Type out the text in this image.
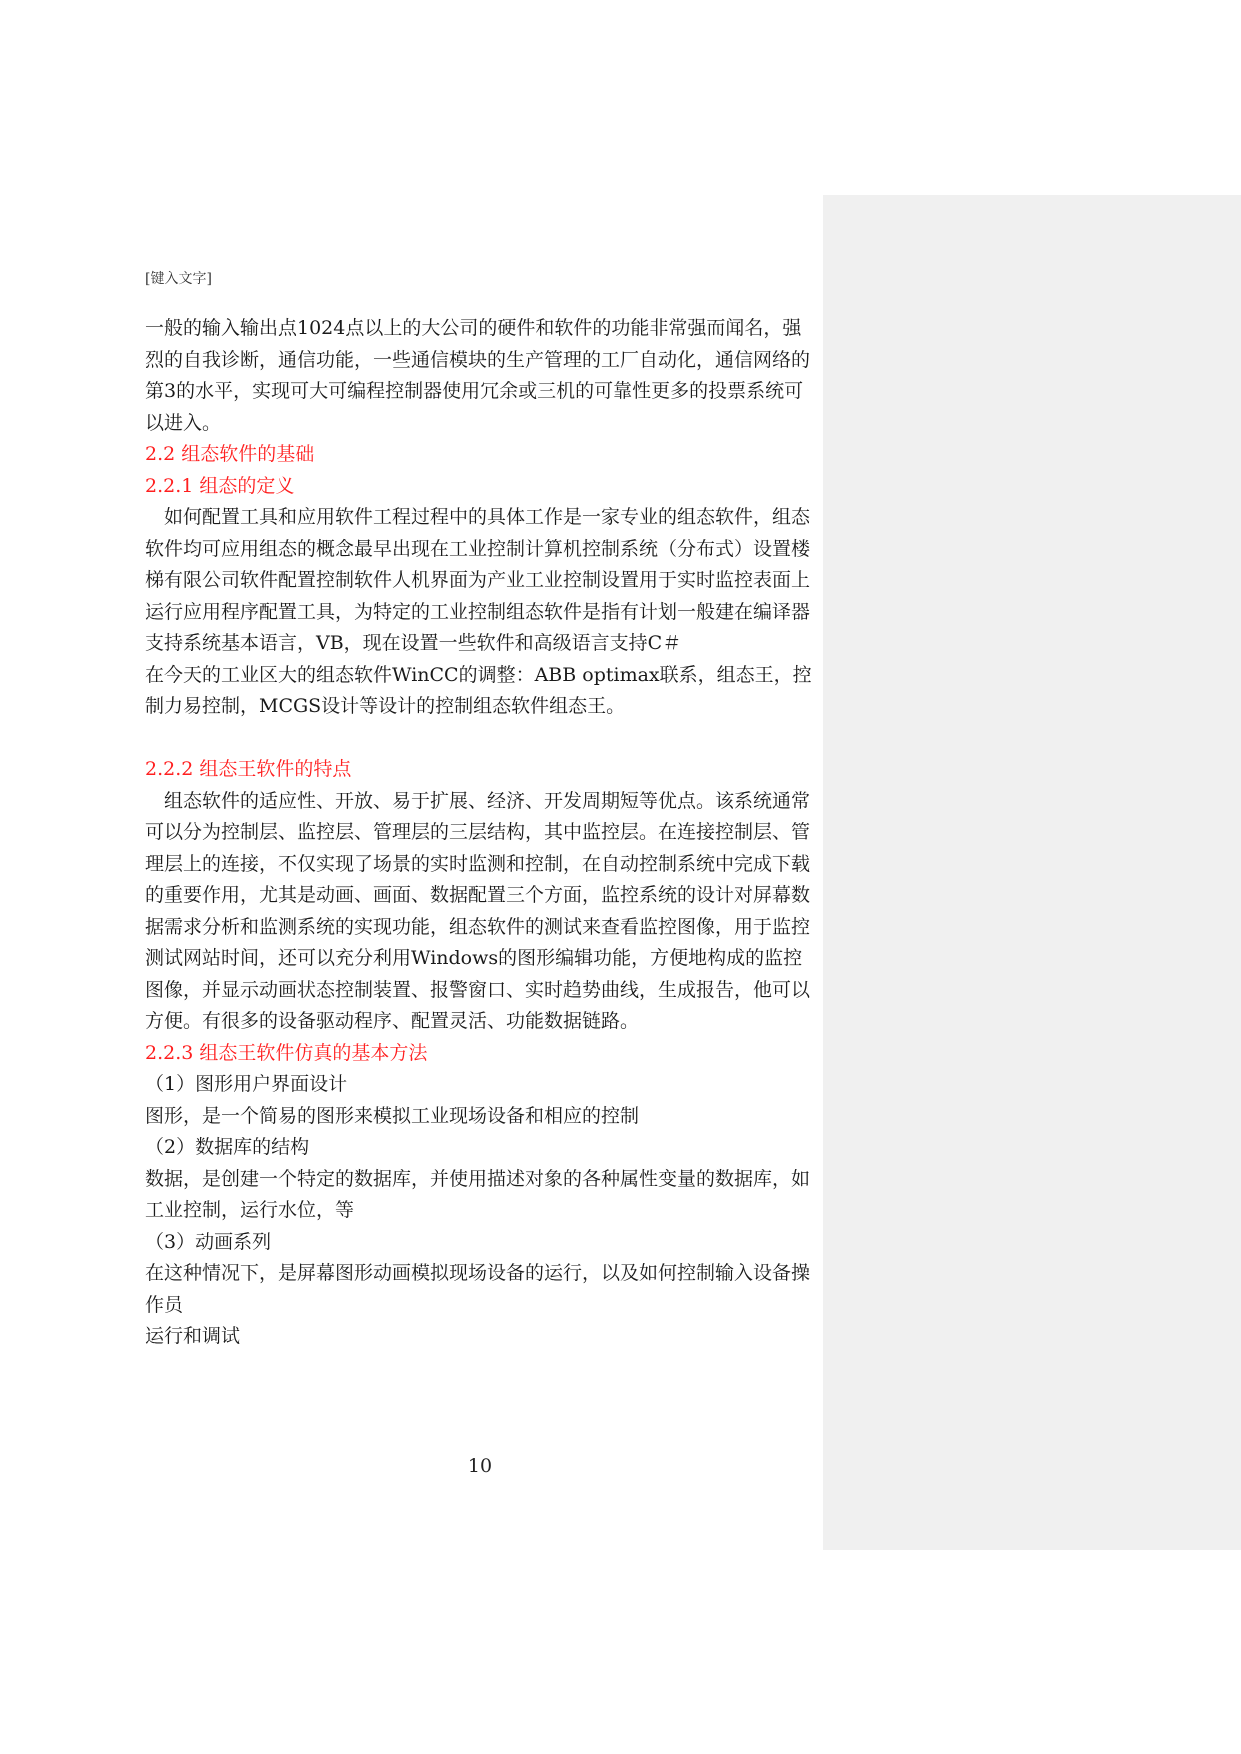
[键入文字]

一般的输入输出点1024点以上的大公司的硬件和软件的功能非常强而闻名，强烈的自我诊断，通信功能，一些通信模块的生产管理的工厂自动化，通信网络的第3的水平，实现可大可编程控制器使用冗余或三机的可靠性更多的投票系统可以进入。

2.2 组态软件的基础

2.2.1 组态的定义

如何配置工具和应用软件工程过程中的具体工作是一家专业的组态软件，组态软件均可应用组态的概念最早出现在工业控制计算机控制系统（分布式）设置楼梯有限公司软件配置控制软件人机界面为产业工业控制设置用于实时监控表面上运行应用程序配置工具，为特定的工业控制组态软件是指有计划一般建在编译器支持系统基本语言，VB，现在设置一些软件和高级语言支持C＃

在今天的工业区大的组态软件WinCC的调整：ABB optimax联系，组态王，控制力易控制，MCGS设计等设计的控制组态软件组态王。

2.2.2 组态王软件的特点

组态软件的适应性、开放、易于扩展、经济、开发周期短等优点。该系统通常可以分为控制层、监控层、管理层的三层结构，其中监控层。在连接控制层、管理层上的连接，不仅实现了场景的实时监测和控制，在自动控制系统中完成下载的重要作用，尤其是动画、画面、数据配置三个方面，监控系统的设计对屏幕数据需求分析和监测系统的实现功能，组态软件的测试来查看监控图像，用于监控测试网站时间，还可以充分利用Windows的图形编辑功能，方便地构成的监控图像，并显示动画状态控制装置、报警窗口、实时趋势曲线，生成报告，他可以方便。有很多的设备驱动程序、配置灵活、功能数据链路。

2.2.3 组态王软件仿真的基本方法

（1）图形用户界面设计

图形，是一个简易的图形来模拟工业现场设备和相应的控制

（2）数据库的结构

数据，是创建一个特定的数据库，并使用描述对象的各种属性变量的数据库，如工业控制，运行水位，等

（3）动画系列

在这种情况下，是屏幕图形动画模拟现场设备的运行，以及如何控制输入设备操作员

运行和调试

10
